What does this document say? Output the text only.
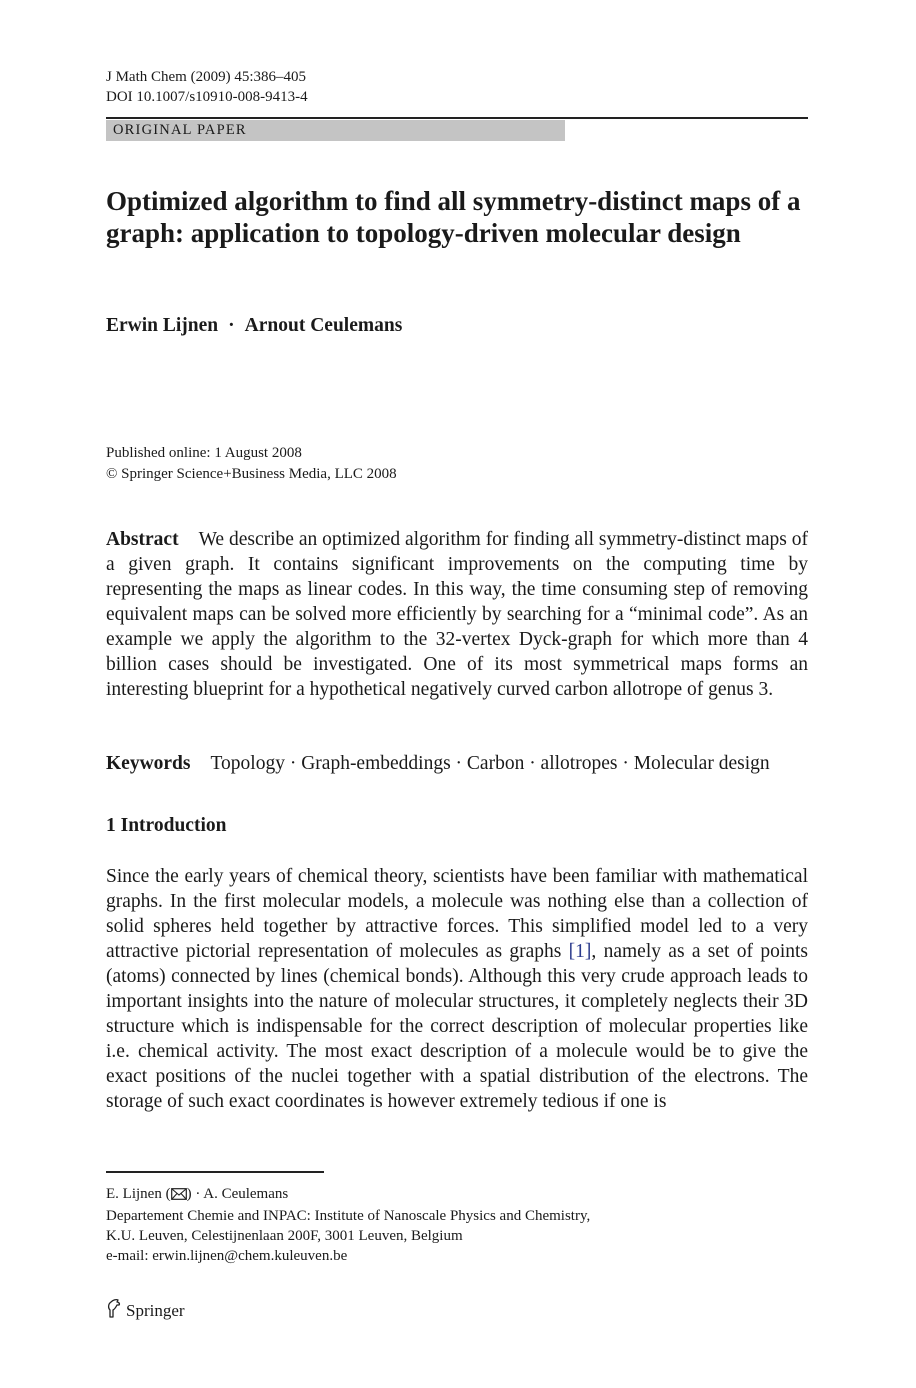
J Math Chem (2009) 45:386–405
DOI 10.1007/s10910-008-9413-4
ORIGINAL PAPER
Optimized algorithm to find all symmetry-distinct maps of a graph: application to topology-driven molecular design
Erwin Lijnen · Arnout Ceulemans
Published online: 1 August 2008
© Springer Science+Business Media, LLC 2008
Abstract We describe an optimized algorithm for finding all symmetry-distinct maps of a given graph. It contains significant improvements on the computing time by representing the maps as linear codes. In this way, the time consuming step of removing equivalent maps can be solved more efficiently by searching for a “minimal code”. As an example we apply the algorithm to the 32-vertex Dyck-graph for which more than 4 billion cases should be investigated. One of its most symmetrical maps forms an interesting blueprint for a hypothetical negatively curved carbon allotrope of genus 3.
Keywords Topology · Graph-embeddings · Carbon · allotropes · Molecular design
1 Introduction
Since the early years of chemical theory, scientists have been familiar with mathematical graphs. In the first molecular models, a molecule was nothing else than a collection of solid spheres held together by attractive forces. This simplified model led to a very attractive pictorial representation of molecules as graphs [1], namely as a set of points (atoms) connected by lines (chemical bonds). Although this very crude approach leads to important insights into the nature of molecular structures, it completely neglects their 3D structure which is indispensable for the correct description of molecular properties like i.e. chemical activity. The most exact description of a molecule would be to give the exact positions of the nuclei together with a spatial distribution of the electrons. The storage of such exact coordinates is however extremely tedious if one is
E. Lijnen ( ) · A. Ceulemans
Departement Chemie and INPAC: Institute of Nanoscale Physics and Chemistry,
K.U. Leuven, Celestijnenlaan 200F, 3001 Leuven, Belgium
e-mail: erwin.lijnen@chem.kuleuven.be
Springer
